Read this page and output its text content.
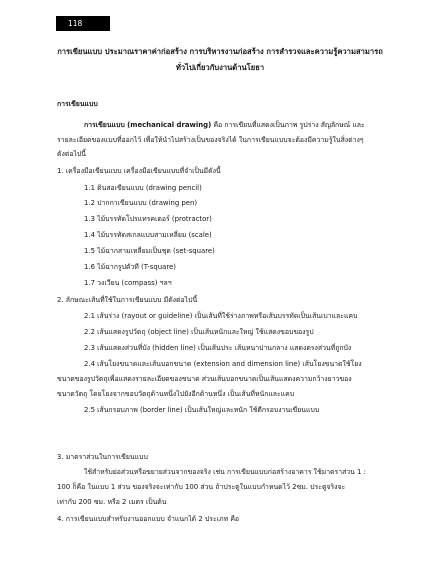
118
การเขียนแบบ ประมาณราคาค่าก่อสร้าง การบริหารงานก่อสร้าง การสำรวจและความรู้ความสามารถ
ทั่วไปเกี่ยวกับงานด้านโยธา
การเขียนแบบ
การเขียนแบบ (mechanical drawing) คือ การเขียนที่แสดงเป็นภาพ รูปร่าง สัญลักษณ์ และ
รายละเอียดของแบบที่ออกไว้ เพื่อให้นำไปสร้างเป็นของจริงได้ ในการเขียนแบบจะต้องมีความรู้ในสิ่งต่างๆ
ดังต่อไปนี้
1. เครื่องมือเขียนแบบ เครื่องมือเขียนแบบที่จำเป็นมีดังนี้
1.1 ดินสอเขียนแบบ (drawing pencil)
1.2 ปากกาเขียนแบบ (drawing pen)
1.3 ไม้บรรทัดโปรแทรคเตอร์ (protractor)
1.4 ไม้บรรทัดสเกลแบบสามเหลี่ยม (scale)
1.5 ไม้ฉากสามเหลี่ยมเป็นชุด (set-square)
1.6 ไม้ฉากรูปตัวที (T-square)
1.7 วงเวียน (compass) ฯลฯ
2. ลักษณะเส้นที่ใช้ในการเขียนแบบ มีดังต่อไปนี้
2.1 เส้นร่าง (rayout or guideline) เป็นเส้นที่ใช้ร่างภาพหรือเส้นบรรทัดเป็นเส้นเบาและแคบ
2.2 เส้นแสดงรูปวัตถุ (object line) เป็นเส้นหนักและใหญ่ ใช้แสดงขอบของรูป
2.3 เส้นแสดงส่วนที่บัง (hidden line) เป็นเส้นประ เส้นหนาปานกลาง แสดงตรงส่วนที่ถูกบัง
2.4 เส้นโยงขนาดและเส้นบอกขนาด (extension and dimension line) เส้นโยงขนาดใช้โยง
ขนาดของรูปวัตถุเพื่อแสดงรายละเอียดของขนาด ส่วนเส้นบอกขนาดเป็นเส้นแสดงความกว้างยาวของ
ขนาดวัตถุ โดยโยงจากขอบวัตถุด้านหนึ่งไปยังอีกด้านหนึ่ง เป็นเส้นที่หนักและแคบ
2.5 เส้นกรอบภาพ (border line) เป็นเส้นใหญ่และหนัก ใช้ตีกรอบงานเขียนแบบ
3. มาตราส่วนในการเขียนแบบ
ใช้สำหรับย่อส่วนหรือขยายส่วนจากของจริง เช่น การเขียนแบบก่อสร้างอาคาร ใช้มาตราส่วน 1 :
100 ก็คือ ในแบบ 1 ส่วน ของจริงจะเท่ากับ 100 ส่วน ถ้าประตูในแบบกำหนดไว้ 2ซม. ประตูจริงจะ
เท่ากับ 200 ซม. หรือ 2 เมตร เป็นต้น
4. การเขียนแบบสำหรับงานออกแบบ จำแนกได้ 2 ประเภท คือ
